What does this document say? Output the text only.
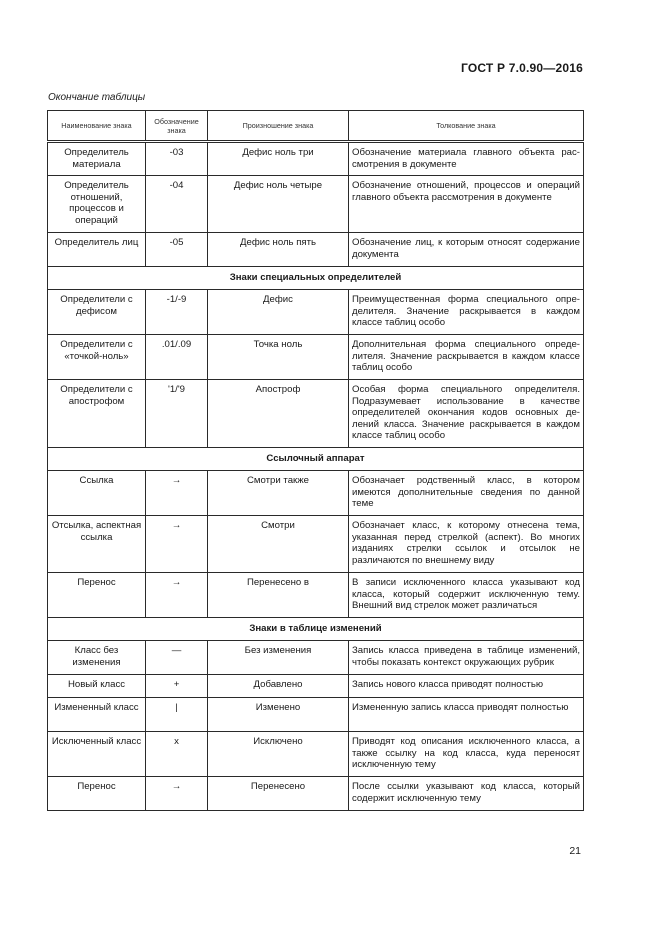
ГОСТ Р 7.0.90—2016
Окончание таблицы
Наименование знака	Обозначение знака	Произношение знака	Толкование знака

Определитель материала	-03	Дефис ноль три	Обозначение материала главного объекта рассмотрения в документе

Определитель отношений, процессов и операций	-04	Дефис ноль четыре	Обозначение отношений, процессов и операций главного объекта рассмотрения в документе

Определитель лиц	-05	Дефис ноль пять	Обозначение лиц, к которым относят содержание документа

Знаки специальных определителей			

Определители с дефисом	-1/-9	Дефис	Преимущественная форма специального определителя. Значение раскрывается в каждом классе таблиц особо

Определители с «точкой-ноль»	.01/.09	Точка ноль	Дополнительная форма специального определителя. Значение раскрывается в каждом классе таблиц особо

Определители с апострофом	'1/'9	Апостроф	Особая форма специального определителя. Подразумевает использование в качестве определителей окончания кодов основных делений класса. Значение раскрывается в каждом классе таблиц особо

Ссылочный аппарат			

Ссылка	→	Смотри также	Обозначает родственный класс, в котором имеются дополнительные сведения по данной теме

Отсылка, аспектная ссылка	→	Смотри	Обозначает класс, к которому отнесена тема, указанная перед стрелкой (аспект). Во многих изданиях стрелки ссылок и отсылок не различаются по внешнему виду

Перенос	→	Перенесено в	В записи исключенного класса указывают код класса, который содержит исключенную тему. Внешний вид стрелок может различаться

Знаки в таблице изменений			

Класс без изменения	—	Без изменения	Запись класса приведена в таблице изменений, чтобы показать контекст окружающих рубрик

Новый класс	+	Добавлено	Запись нового класса приводят полностью

Измененный класс	|	Изменено	Измененную запись класса приводят полностью

Исключенный класс	x	Исключено	Приводят код описания исключенного класса, а также ссылку на код класса, куда переносят исключенную тему

Перенос	→	Перенесено	После ссылки указывают код класса, который содержит исключенную тему
21
